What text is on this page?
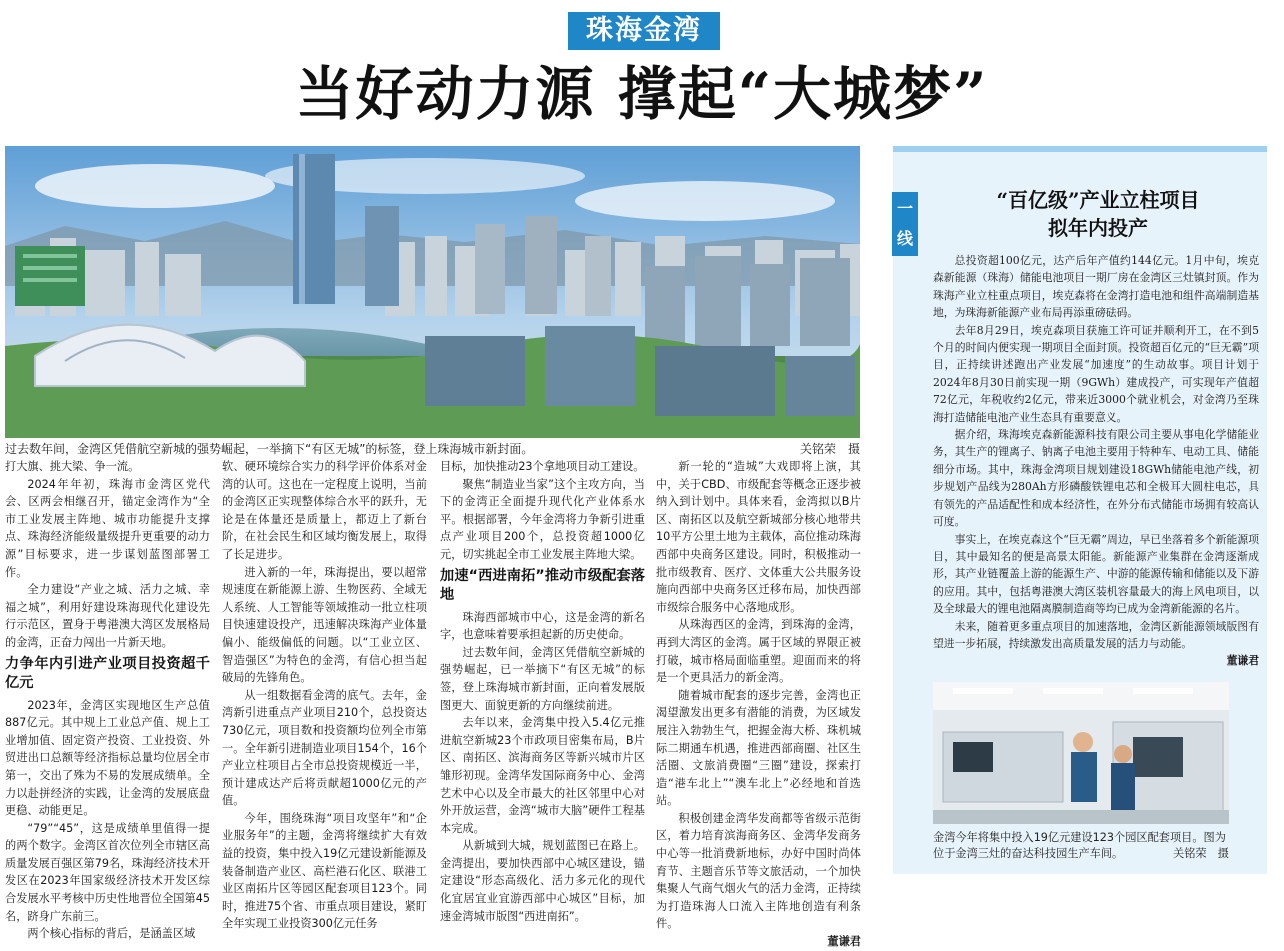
珠海金湾
当好动力源 撑起“大城梦”
过去数年间，金湾区凭借航空新城的强势崛起，一举摘下“有区无城”的标签，登上珠海城市新封面。	关铭荣　摄

打大旗、挑大梁、争一流。

2024年年初，珠海市金湾区党代会、区两会相继召开，锚定金湾作为“全市工业发展主阵地、城市功能提升支撑点、珠海经济能级量级提升更重要的动力源”目标要求，进一步谋划蓝图部署工作。

全力建设“产业之城、活力之城、幸福之城”，利用好建设珠海现代化建设先行示范区，置身于粤港澳大湾区发展格局的金湾，正奋力闯出一片新天地。

力争年内引进产业项目投资超千亿元

2023年，金湾区实现地区生产总值887亿元。其中规上工业总产值、规上工业增加值、固定资产投资、工业投资、外贸进出口总额等经济指标总量均位居全市第一，交出了殊为不易的发展成绩单。全力以赴拼经济的实践，让金湾的发展底盘更稳、动能更足。

“79”“45”，这是成绩单里值得一提的两个数字。金湾区首次位列全市辖区高质量发展百强区第79名，珠海经济技术开发区在2023年国家级经济技术开发区综合发展水平考核中历史性地晋位全国第45名，跻身广东前三。

两个核心指标的背后，是涵盖区域

软、硬环境综合实力的科学评价体系对金湾的认可。这也在一定程度上说明，当前的金湾区正实现整体综合水平的跃升，无论是在体量还是质量上，都迈上了新台阶，在社会民生和区域均衡发展上，取得了长足进步。

进入新的一年，珠海提出，要以超常规速度在新能源上游、生物医药、全域无人系统、人工智能等领域推动一批立柱项目快速建设投产，迅速解决珠海产业体量偏小、能级偏低的问题。以“工业立区、智造强区”为特色的金湾，有信心担当起破局的先锋角色。

从一组数据看金湾的底气。去年，金湾新引进重点产业项目210个，总投资达730亿元，项目数和投资额均位列全市第一。全年新引进制造业项目154个，16个产业立柱项目占全市总投资规模近一半，预计建成达产后将贡献超1000亿元的产值。

今年，围绕珠海“项目攻坚年”和“企业服务年”的主题，金湾将继续扩大有效益的投资，集中投入19亿元建设新能源及装备制造产业区、高栏港石化区、联港工业区南拓片区等园区配套项目123个。同时，推进75个省、市重点项目建设，紧盯全年实现工业投资300亿元任务

目标，加快推动23个拿地项目动工建设。

聚焦“制造业当家”这个主攻方向，当下的金湾正全面提升现代化产业体系水平。根据部署，今年金湾将力争新引进重点产业项目200个，总投资超1000亿元，切实挑起全市工业发展主阵地大梁。

加速“西进南拓”推动市级配套落地

珠海西部城市中心，这是金湾的新名字，也意味着要承担起新的历史使命。

过去数年间，金湾区凭借航空新城的强势崛起，已一举摘下“有区无城”的标签，登上珠海城市新封面，正向着发展版图更大、面貌更新的方向继续前进。

去年以来，金湾集中投入5.4亿元推进航空新城23个市政项目密集布局，B片区、南拓区、滨海商务区等新兴城市片区雏形初现。金湾华发国际商务中心、金湾艺术中心以及全市最大的社区邻里中心对外开放运营，金湾“城市大脑”硬件工程基本完成。

从新城到大城，规划蓝图已在路上。金湾提出，要加快西部中心城区建设，锚定建设“形态高级化、活力多元化的现代化宜居宜业宜游西部中心城区”目标，加速金湾城市版图“西进南拓”。

新一轮的“造城”大戏即将上演，其中，关于CBD、市级配套等概念正逐步被纳入到计划中。具体来看，金湾拟以B片区、南拓区以及航空新城部分核心地带共10平方公里土地为主载体，高位推动珠海西部中央商务区建设。同时，积极推动一批市级教育、医疗、文体重大公共服务设施向西部中央商务区迁移布局，加快西部市级综合服务中心落地成形。

从珠海西区的金湾，到珠海的金湾，再到大湾区的金湾。属于区域的界限正被打破，城市格局面临重塑。迎面而来的将是一个更具活力的新金湾。

随着城市配套的逐步完善，金湾也正渴望激发出更多有潜能的消费，为区域发展注入勃勃生气，把握金海大桥、珠机城际二期通车机遇，推进西部商圈、社区生活圈、文旅消费圈“三圈”建设，探索打造“港车北上”“澳车北上”必经地和首选站。

积极创建金湾华发商都等省级示范街区，着力培育滨海商务区、金湾华发商务中心等一批消费新地标，办好中国时尚体育节、主题音乐节等文旅活动，一个加快集聚人气商气烟火气的活力金湾，正持续为打造珠海人口流入主阵地创造有利条件。

董谦君

一线
“百亿级”产业立柱项目
拟年内投产

总投资超100亿元，达产后年产值约144亿元。1月中旬，埃克森新能源（珠海）储能电池项目一期厂房在金湾区三灶镇封顶。作为珠海产业立柱重点项目，埃克森将在金湾打造电池和组件高端制造基地，为珠海新能源产业布局再添重磅砝码。

去年8月29日，埃克森项目获施工许可证并顺利开工，在不到5个月的时间内便实现一期项目全面封顶。投资超百亿元的“巨无霸”项目，正持续讲述跑出产业发展“加速度”的生动故事。项目计划于2024年8月30日前实现一期（9GWh）建成投产，可实现年产值超72亿元，年税收约2亿元，带来近3000个就业机会，对金湾乃至珠海打造储能电池产业生态具有重要意义。

据介绍，珠海埃克森新能源科技有限公司主要从事电化学储能业务，其生产的锂离子、钠离子电池主要用于特种车、电动工具、储能细分市场。其中，珠海金湾项目规划建设18GWh储能电池产线，初步规划产品线为280Ah方形磷酸铁锂电芯和全极耳大圆柱电芯，具有领先的产品适配性和成本经济性，在外分布式储能市场拥有较高认可度。

事实上，在埃克森这个“巨无霸”周边，早已坐落着多个新能源项目，其中最知名的便是高景太阳能。新能源产业集群在金湾逐渐成形，其产业链覆盖上游的能源生产、中游的能源传输和储能以及下游的应用。其中，包括粤港澳大湾区装机容量最大的海上风电项目，以及全球最大的锂电池隔离膜制造商等均已成为金湾新能源的名片。

未来，随着更多重点项目的加速落地，金湾区新能源领域版图有望进一步拓展，持续激发出高质量发展的活力与动能。

董谦君

金湾今年将集中投入19亿元建设123个园区配套项目。图为位于金湾三灶的奋达科技园生产车间。	关铭荣　摄
